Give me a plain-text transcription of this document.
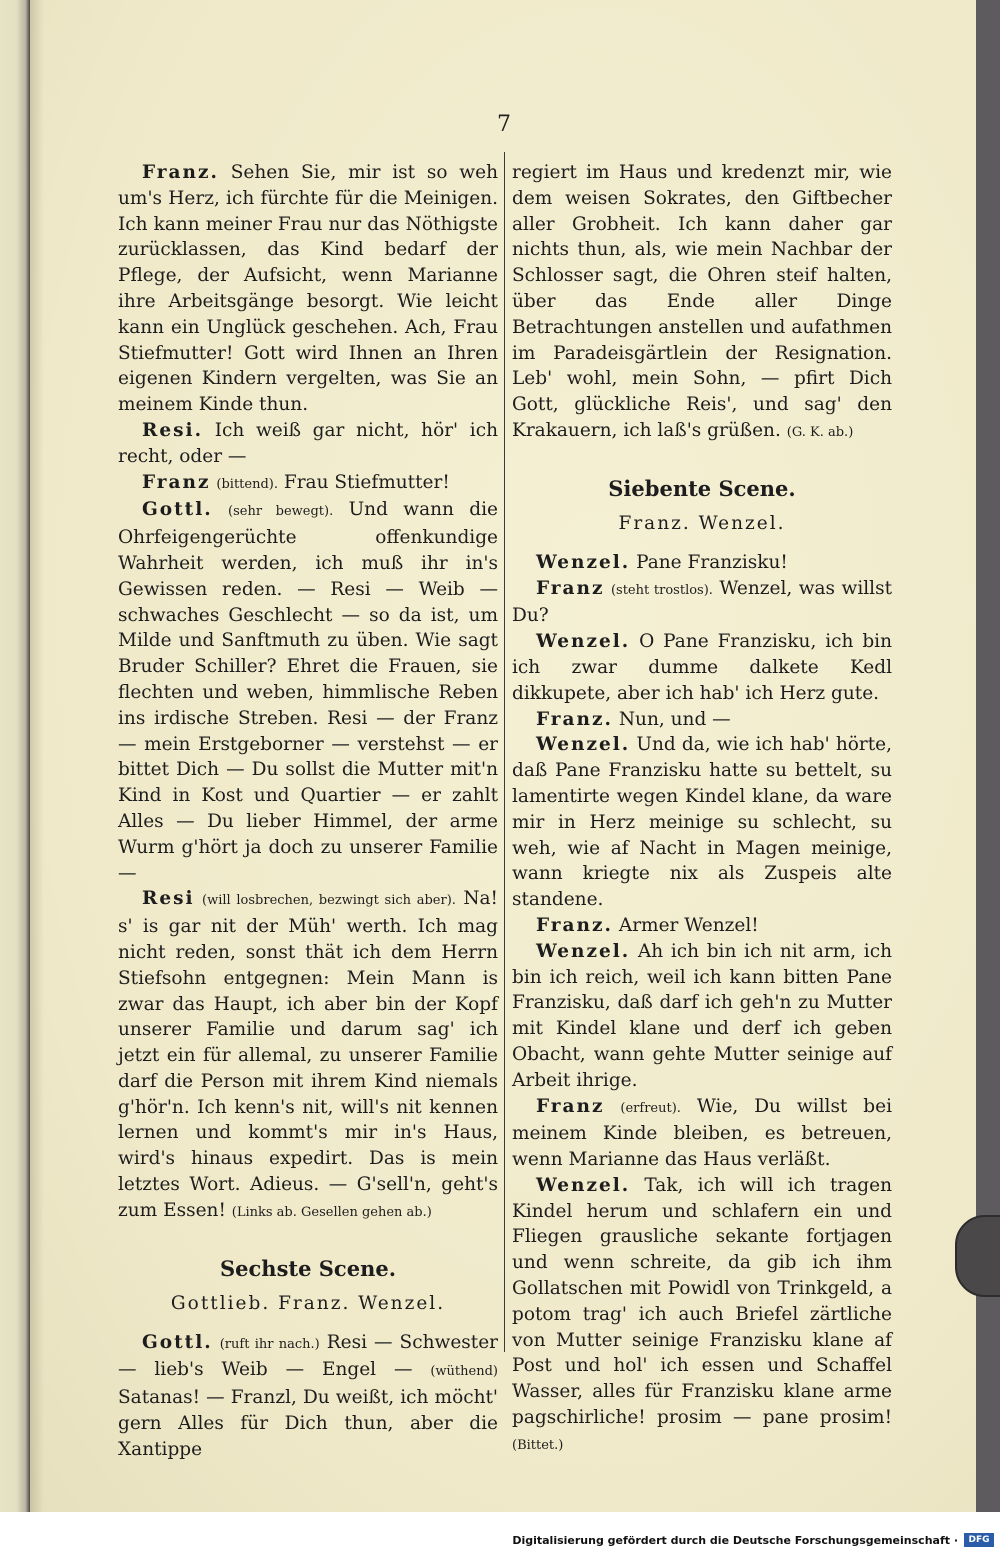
7

Franz. Sehen Sie, mir ist so weh um's Herz, ich fürchte für die Meinigen. Ich kann meiner Frau nur das Nöthigste zurücklassen, das Kind bedarf der Pflege, der Aufsicht, wenn Marianne ihre Arbeitsgänge besorgt. Wie leicht kann ein Unglück geschehen. Ach, Frau Stiefmutter! Gott wird Ihnen an Ihren eigenen Kindern vergelten, was Sie an meinem Kinde thun.

Resi. Ich weiß gar nicht, hör' ich recht, oder —

Franz (bittend). Frau Stiefmutter!

Gottl. (sehr bewegt). Und wann die Ohrfeigengerüchte offenkundige Wahrheit werden, ich muß ihr in's Gewissen reden. — Resi — Weib — schwaches Geschlecht — so da ist, um Milde und Sanftmuth zu üben. Wie sagt Bruder Schiller? Ehret die Frauen, sie flechten und weben, himmlische Reben ins irdische Streben. Resi — der Franz — mein Erstgeborner — verstehst — er bittet Dich — Du sollst die Mutter mit'n Kind in Kost und Quartier — er zahlt Alles — Du lieber Himmel, der arme Wurm g'hört ja doch zu unserer Familie —

Resi (will losbrechen, bezwingt sich aber). Na! s' is gar nit der Müh' werth. Ich mag nicht reden, sonst thät ich dem Herrn Stiefsohn entgegnen: Mein Mann is zwar das Haupt, ich aber bin der Kopf unserer Familie und darum sag' ich jetzt ein für allemal, zu unserer Familie darf die Person mit ihrem Kind niemals g'hör'n. Ich kenn's nit, will's nit kennen lernen und kommt's mir in's Haus, wird's hinaus expedirt. Das is mein letztes Wort. Adieus. — G'sell'n, geht's zum Essen! (Links ab. Gesellen gehen ab.)

Sechste Scene.
Gottlieb. Franz. Wenzel.

Gottl. (ruft ihr nach.) Resi — Schwester — lieb's Weib — Engel — (wüthend) Satanas! — Franzl, Du weißt, ich möcht' gern Alles für Dich thun, aber die Xantippe

regiert im Haus und kredenzt mir, wie dem weisen Sokrates, den Giftbecher aller Grobheit. Ich kann daher gar nichts thun, als, wie mein Nachbar der Schlosser sagt, die Ohren steif halten, über das Ende aller Dinge Betrachtungen anstellen und aufathmen im Paradeisgärtlein der Resignation. Leb' wohl, mein Sohn, — pfirt Dich Gott, glückliche Reis', und sag' den Krakauern, ich laß's grüßen. (G. K. ab.)

Siebente Scene.
Franz. Wenzel.

Wenzel. Pane Franzisku!

Franz (steht trostlos). Wenzel, was willst Du?

Wenzel. O Pane Franzisku, ich bin ich zwar dumme dalkete Kedl dikkupete, aber ich hab' ich Herz gute.

Franz. Nun, und —

Wenzel. Und da, wie ich hab' hörte, daß Pane Franzisku hatte su bettelt, su lamentirte wegen Kindel klane, da ware mir in Herz meinige su schlecht, su weh, wie af Nacht in Magen meinige, wann kriegte nix als Zuspeis alte standene.

Franz. Armer Wenzel!

Wenzel. Ah ich bin ich nit arm, ich bin ich reich, weil ich kann bitten Pane Franzisku, daß darf ich geh'n zu Mutter mit Kindel klane und derf ich geben Obacht, wann gehte Mutter seinige auf Arbeit ihrige.

Franz (erfreut). Wie, Du willst bei meinem Kinde bleiben, es betreuen, wenn Marianne das Haus verläßt.

Wenzel. Tak, ich will ich tragen Kindel herum und schlafern ein und Fliegen grausliche sekante fortjagen und wenn schreite, da gib ich ihm Gollatschen mit Powidl von Trinkgeld, a potom trag' ich auch Briefel zärtliche von Mutter seinige Franzisku klane af Post und hol' ich essen und Schaffel Wasser, alles für Franzisku klane arme pagschirliche! prosim — pane prosim! (Bittet.)

Digitalisierung gefördert durch die Deutsche Forschungsgemeinschaft ·	DFG
